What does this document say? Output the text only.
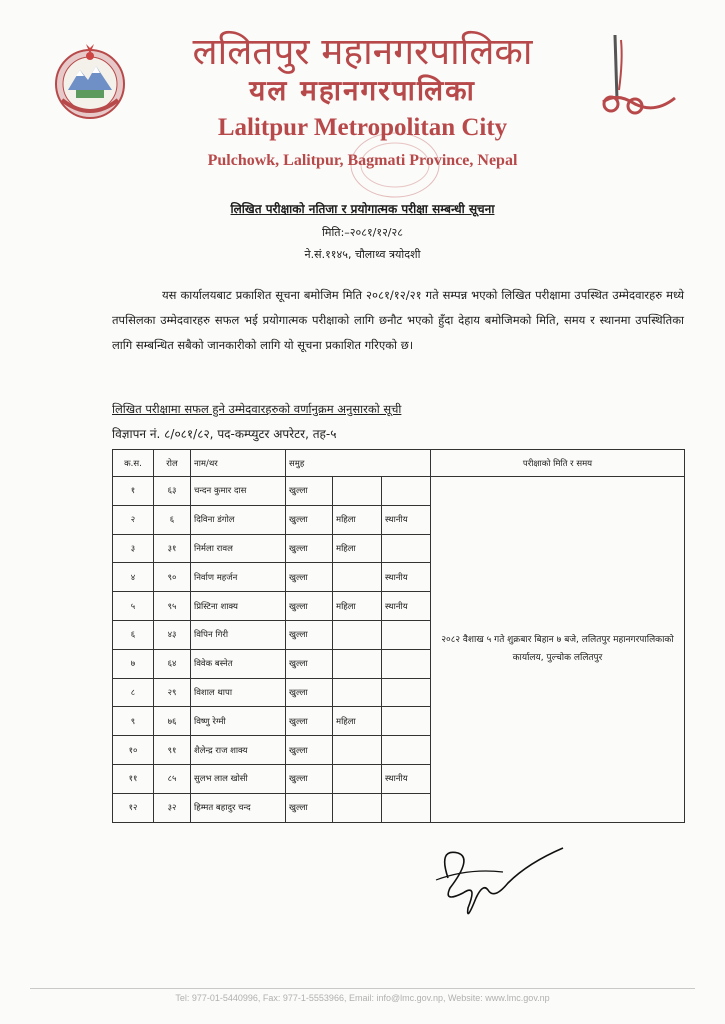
ललितपुर महानगरपालिका
यल महानगरपालिका
Lalitpur Metropolitan City
Pulchowk, Lalitpur, Bagmati Province, Nepal
लिखित परीक्षाको नतिजा र प्रयोगात्मक परीक्षा सम्बन्धी सूचना
मिति:–२०८१/१२/२८
ने.सं.११४५, चौलाथ्व त्रयोदशी
यस कार्यालयबाट प्रकाशित सूचना बमोजिम मिति २०८१/१२/२१ गते सम्पन्न भएको लिखित परीक्षामा उपस्थित उम्मेदवारहरु मध्ये तपसिलका उम्मेदवारहरु सफल भई प्रयोगात्मक परीक्षाको लागि छनौट भएको हुँदा देहाय बमोजिमको मिति, समय र स्थानमा उपस्थितिका लागि सम्बन्धित सबैको जानकारीको लागि यो सूचना प्रकाशित गरिएको छ।
लिखित परीक्षामा सफल हुने उम्मेदवारहरुको वर्णानुक्रम अनुसारको सूची
विज्ञापन नं. ८/०८१/८२, पद-कम्प्युटर अपरेटर, तह-५
क.स.	रोल	नाम/थर	समुह			परीक्षाको मिति र समय
१	६३	चन्दन कुमार दास	खुल्ला			२०८२ वैशाख ५ गते शुक्रबार बिहान ७ बजे, ललितपुर महानगरपालिकाको कार्यालय, पुल्चोक ललितपुर
२	६	दिविना डंगोल	खुल्ला	महिला	स्थानीय	
३	३१	निर्मला रावल	खुल्ला	महिला		
४	९०	निर्वाण महर्जन	खुल्ला		स्थानीय	
५	९५	प्रिस्टिना शाक्य	खुल्ला	महिला	स्थानीय	
६	४३	विपिन गिरी	खुल्ला			
७	६४	विवेक बस्नेत	खुल्ला			
८	२९	विशाल थापा	खुल्ला			
९	७६	विष्णु रेग्मी	खुल्ला	महिला		
१०	९१	शैलेन्द्र राज शाक्य	खुल्ला			
११	८५	सुलभ लाल खोसी	खुल्ला		स्थानीय	
१२	३२	हिम्मत बहादुर चन्द	खुल्ला			
Tel: 977-01-5440996, Fax: 977-1-5553966, Email: info@lmc.gov.np, Website: www.lmc.gov.np
